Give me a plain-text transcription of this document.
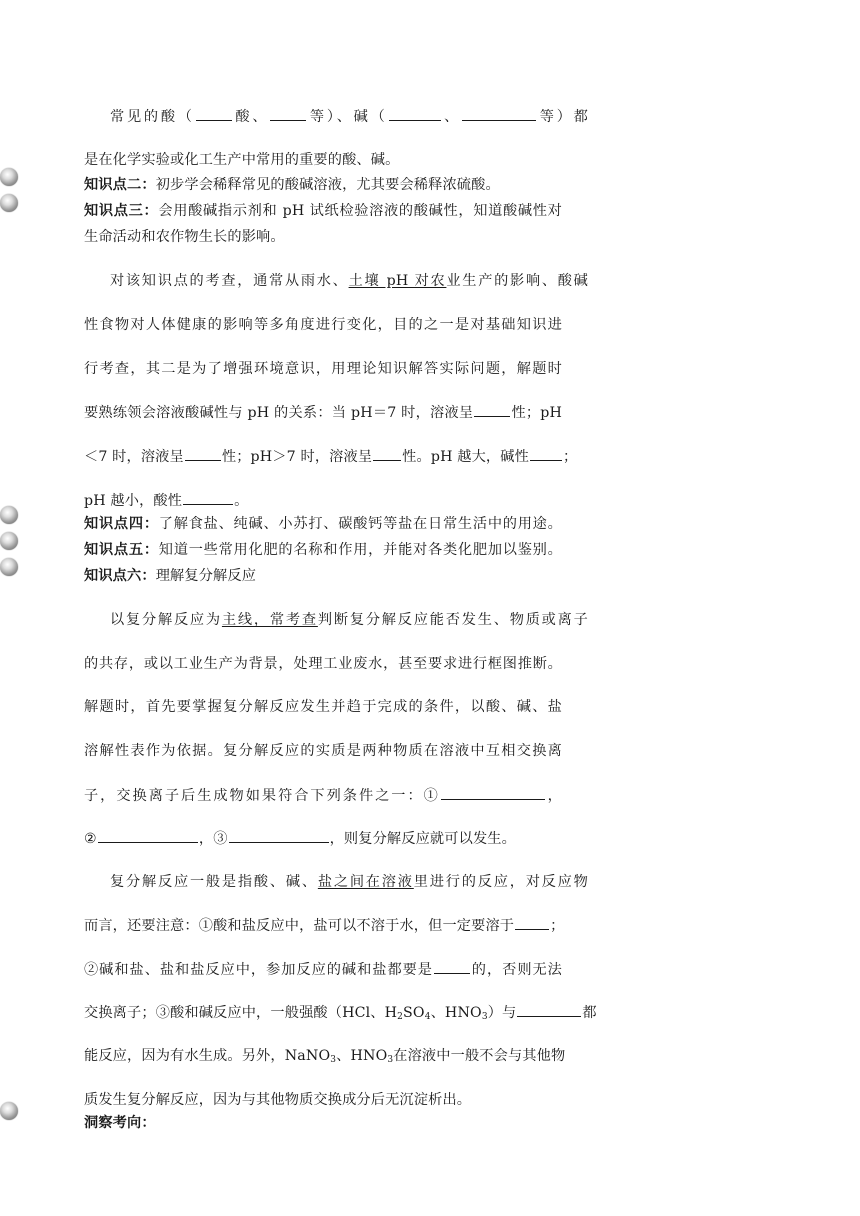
常见的酸（	酸、	等）、碱（	、	等）都
是在化学实验或化工生产中常用的重要的酸、碱。
知识点二：初步学会稀释常见的酸碱溶液，尤其要会稀释浓硫酸。
知识点三：会用酸碱指示剂和 pH 试纸检验溶液的酸碱性，知道酸碱性对
生命活动和农作物生长的影响。
对该知识点的考查，通常从雨水、土壤 pH 对农业生产的影响、酸碱
性食物对人体健康的影响等多角度进行变化，目的之一是对基础知识进
行考查，其二是为了增强环境意识，用理论知识解答实际问题，解题时
要熟练领会溶液酸碱性与 pH 的关系：当 pH＝7 时，溶液呈	性；pH
＜7 时，溶液呈	性；pH＞7 时，溶液呈 性。pH 越大，碱性 ；
pH 越小，酸性	。
知识点四：了解食盐、纯碱、小苏打、碳酸钙等盐在日常生活中的用途。
知识点五：知道一些常用化肥的名称和作用，并能对各类化肥加以鉴别。
知识点六：理解复分解反应
以复分解反应为主线，常考查判断复分解反应能否发生、物质或离子
的共存，或以工业生产为背景，处理工业废水，甚至要求进行框图推断。
解题时，首先要掌握复分解反应发生并趋于完成的条件，以酸、碱、盐
溶解性表作为依据。复分解反应的实质是两种物质在溶液中互相交换离
子，交换离子后生成物如果符合下列条件之一：①	，
②	，③	，则复分解反应就可以发生。
复分解反应一般是指酸、碱、盐之间在溶液里进行的反应，对反应物
而言，还要注意：①酸和盐反应中，盐可以不溶于水，但一定要溶于	；
②碱和盐、盐和盐反应中，参加反应的碱和盐都要是	的，否则无法
交换离子；③酸和碱反应中，一般强酸（HCl、$H_2SO_4$、$HNO_3$）与	都
能反应，因为有水生成。另外，NaNO$_3$、$HNO_3$在溶液中一般不会与其他物
质发生复分解反应，因为与其他物质交换成分后无沉淀析出。
洞察考向：
